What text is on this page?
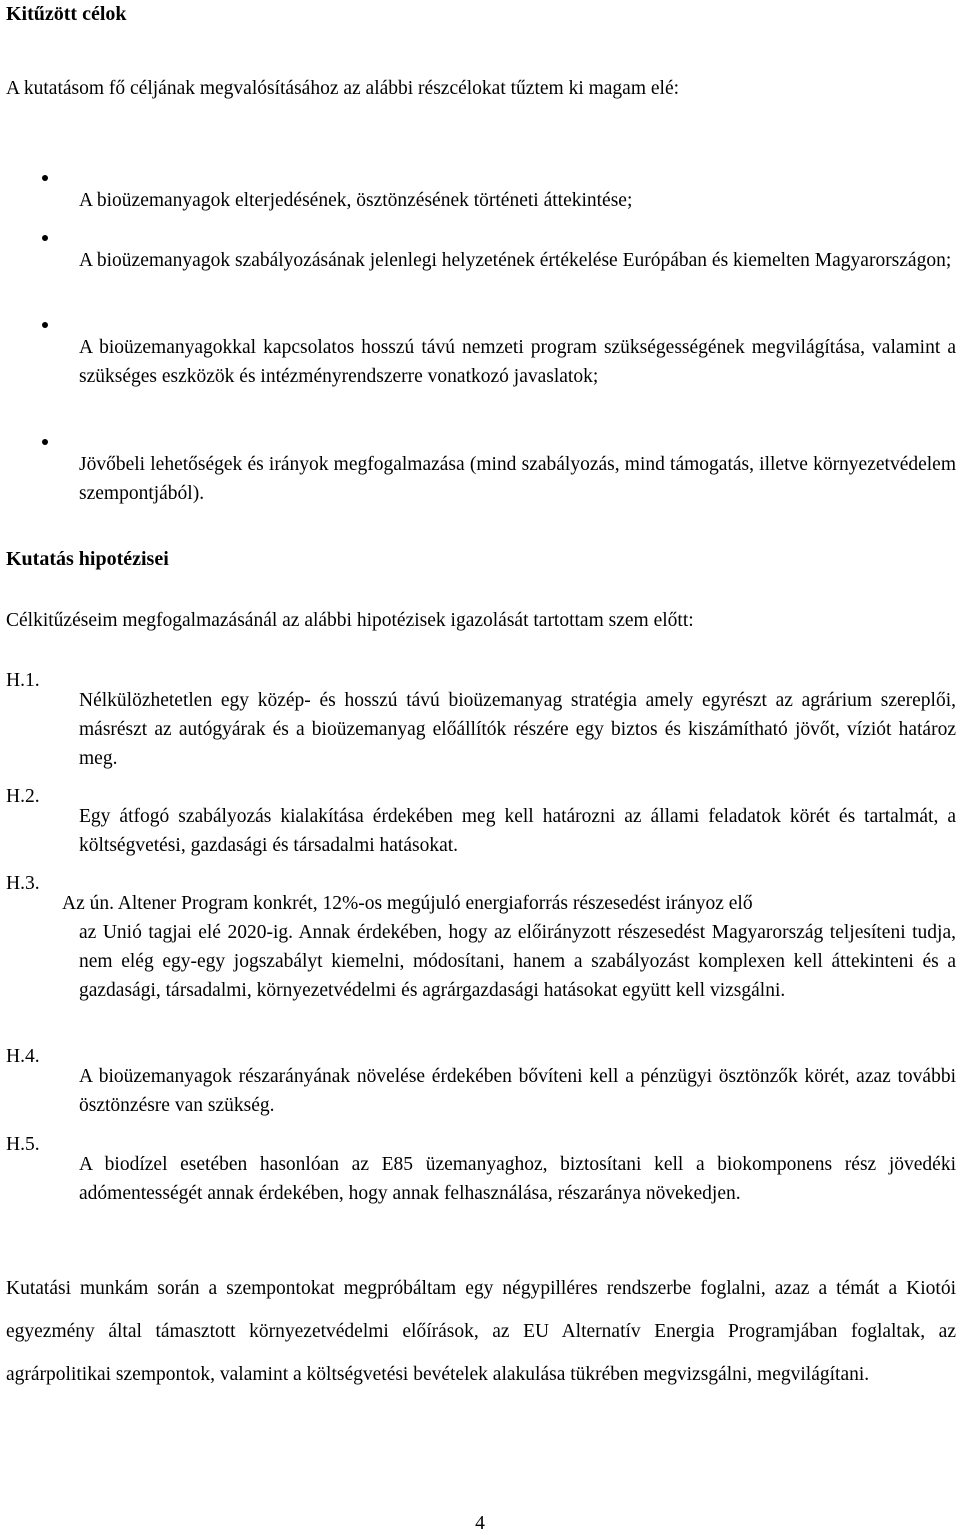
Kitűzött célok

A kutatásom fő céljának megvalósításához az alábbi részcélokat tűztem ki magam elé:

A bioüzemanyagok elterjedésének, ösztönzésének történeti áttekintése;

A bioüzemanyagok szabályozásának jelenlegi helyzetének értékelése Európában és kiemelten Magyarországon;

A bioüzemanyagokkal kapcsolatos hosszú távú nemzeti program szükségességének megvilágítása, valamint a szükséges eszközök és intézményrendszerre vonatkozó javaslatok;

Jövőbeli lehetőségek és irányok megfogalmazása (mind szabályozás, mind támogatás, illetve környezetvédelem szempontjából).

Kutatás hipotézisei

Célkitűzéseim megfogalmazásánál az alábbi hipotézisek igazolását tartottam szem előtt:

H.1.

Nélkülözhetetlen egy közép- és hosszú távú bioüzemanyag stratégia amely egyrészt az agrárium szereplői, másrészt az autógyárak és a bioüzemanyag előállítók részére egy biztos és kiszámítható jövőt, víziót határoz meg.

H.2.

Egy átfogó szabályozás kialakítása érdekében meg kell határozni az állami feladatok körét és tartalmát, a költségvetési, gazdasági és társadalmi hatásokat.

H.3.

Az ún. Altener Program konkrét, 12%-os megújuló energiaforrás részesedést irányoz elő

az Unió tagjai elé 2020-ig. Annak érdekében, hogy az előirányzott részesedést Magyarország teljesíteni tudja, nem elég egy-egy jogszabályt kiemelni, módosítani, hanem a szabályozást komplexen kell áttekinteni és a gazdasági, társadalmi, környezetvédelmi és agrárgazdasági hatásokat együtt kell vizsgálni.

H.4.

A bioüzemanyagok részarányának növelése érdekében bővíteni kell a pénzügyi ösztönzők körét, azaz további ösztönzésre van szükség.

H.5.

A biodízel esetében hasonlóan az E85 üzemanyaghoz, biztosítani kell a biokomponens rész jövedéki adómentességét annak érdekében, hogy annak felhasználása, részaránya növekedjen.

Kutatási munkám során a szempontokat megpróbáltam egy négypilléres rendszerbe foglalni, azaz a témát a Kiotói egyezmény által támasztott környezetvédelmi előírások, az EU Alternatív Energia Programjában foglaltak, az agrárpolitikai szempontok, valamint a költségvetési bevételek alakulása tükrében megvizsgálni, megvilágítani.

4
